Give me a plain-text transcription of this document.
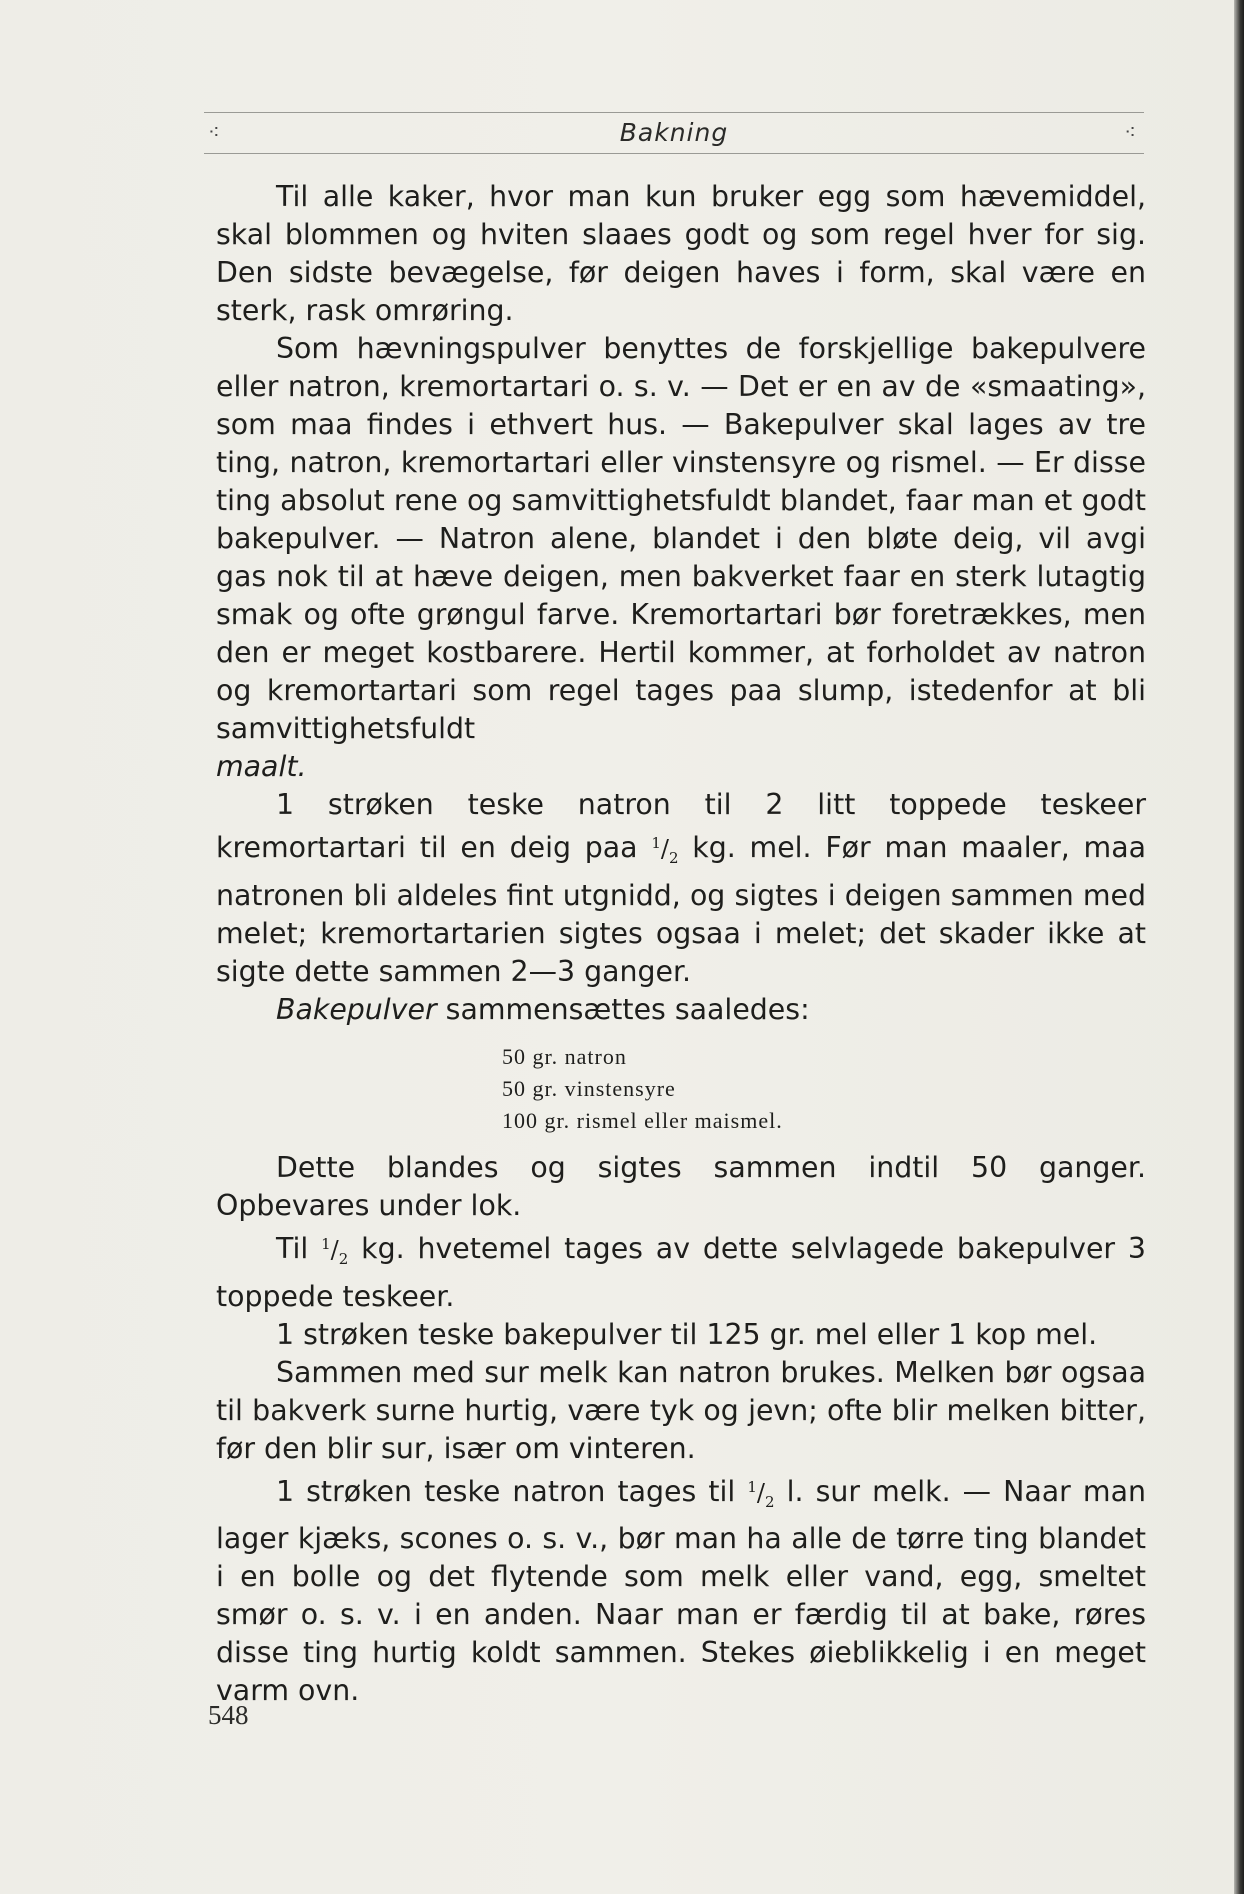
⁖	Bakning	⁖

Til alle kaker, hvor man kun bruker egg som hævemiddel, skal blommen og hviten slaaes godt og som regel hver for sig. Den sidste bevægelse, før deigen haves i form, skal være en sterk, rask omrøring.

Som hævningspulver benyttes de forskjellige bakepulvere eller natron, kremortartari o. s. v. — Det er en av de «smaating», som maa findes i ethvert hus. — Bakepulver skal lages av tre ting, natron, kremortartari eller vinstensyre og rismel. — Er disse ting absolut rene og samvittighetsfuldt blandet, faar man et godt bakepulver. — Natron alene, blandet i den bløte deig, vil avgi gas nok til at hæve deigen, men bakverket faar en sterk lutagtig smak og ofte grøngul farve. Kremortartari bør foretrækkes, men den er meget kostbarere. Hertil kommer, at forholdet av natron og kremortartari som regel tages paa slump, istedenfor at bli samvittighetsfuldt
maalt.

1 strøken teske natron til 2 litt toppede teskeer kremortartari til en deig paa $^1/_2$ kg. mel. Før man maaler, maa natronen bli aldeles fint utgnidd, og sigtes i deigen sammen med melet; kremortartarien sigtes ogsaa i melet; det skader ikke at sigte dette sammen 2—3 ganger.

Bakepulver sammensættes saaledes:

50 gr. natron
50 gr. vinstensyre
100 gr. rismel eller maismel.

Dette blandes og sigtes sammen indtil 50 ganger. Opbevares under lok.

Til $^1/_2$ kg. hvetemel tages av dette selvlagede bakepulver 3 toppede teskeer.

1 strøken teske bakepulver til 125 gr. mel eller 1 kop mel.

Sammen med sur melk kan natron brukes. Melken bør ogsaa til bakverk surne hurtig, være tyk og jevn; ofte blir melken bitter, før den blir sur, især om vinteren.

1 strøken teske natron tages til $^1/_2$ l. sur melk. — Naar man lager kjæks, scones o. s. v., bør man ha alle de tørre ting blandet i en bolle og det flytende som melk eller vand, egg, smeltet smør o. s. v. i en anden. Naar man er færdig til at bake, røres disse ting hurtig koldt sammen. Stekes øieblikkelig i en meget varm ovn.

548
